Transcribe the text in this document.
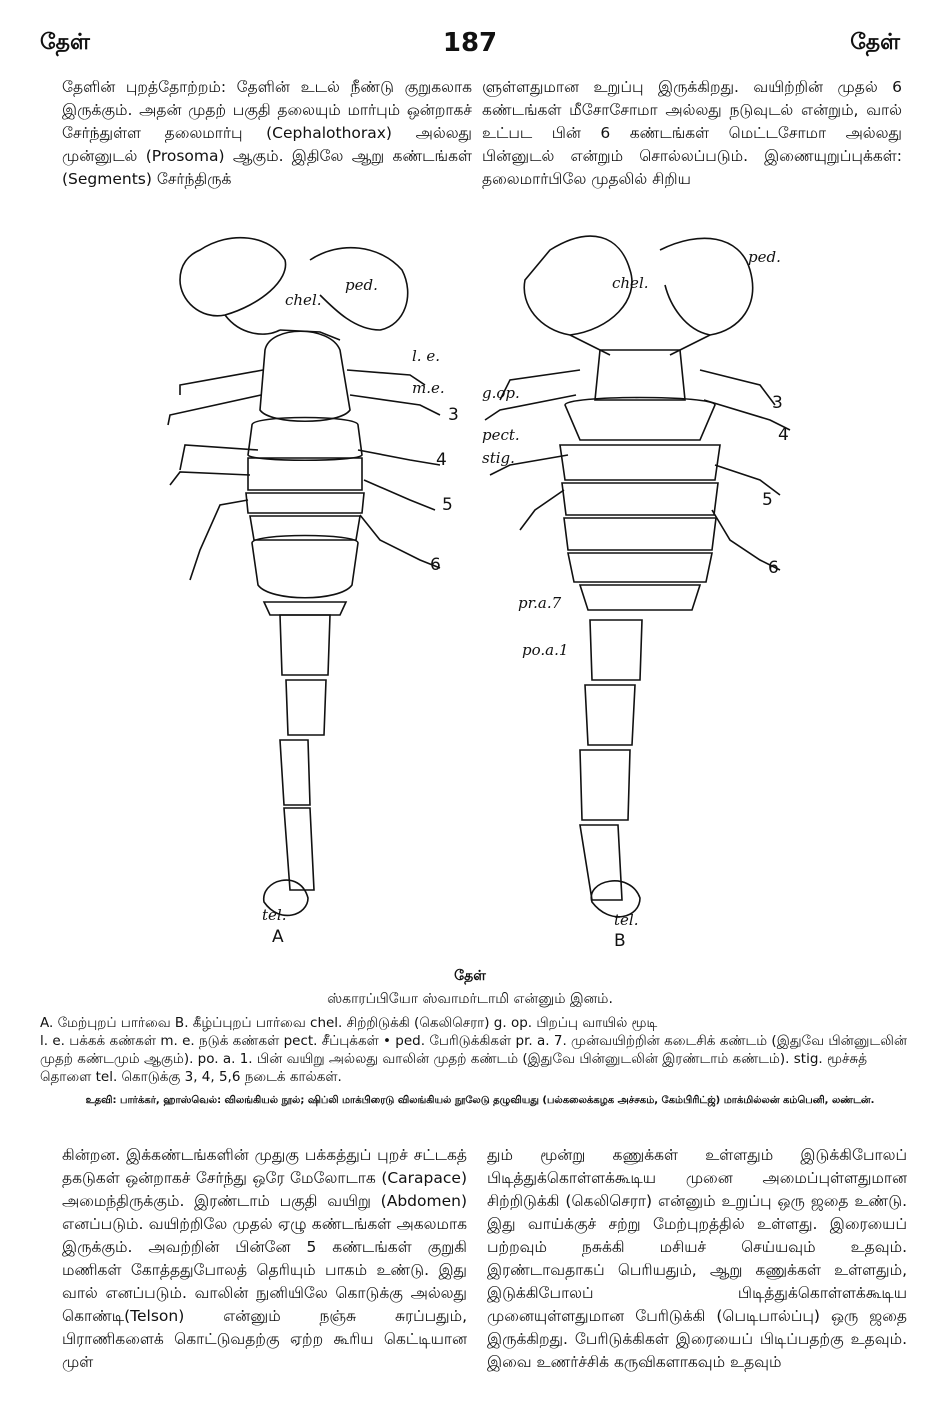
தேள்	187	தேள்

தேளின் புறத்தோற்றம்: தேளின் உடல் நீண்டு குறுகலாக இருக்கும். அதன் முதற் பகுதி தலையும் மார்பும் ஒன்றாகச் சேர்ந்துள்ள தலைமார்பு (Cephalothorax) அல்லது முன்னுடல் (Prosoma) ஆகும். இதிலே ஆறு கண்டங்கள் (Segments) சேர்ந்திருக்

ளுள்ளதுமான உறுப்பு இருக்கிறது. வயிற்றின் முதல் 6 கண்டங்கள் மீசோசோமா அல்லது நடுவுடல் என்றும், வால் உட்பட பின் 6 கண்டங்கள் மெட்டசோமா அல்லது பின்னுடல் என்றும் சொல்லப்படும். இணையுறுப்புக்கள்: தலைமார்பிலே முதலில் சிறிய

chel.
ped.
l. e.
m.e.
3
4
5
6
tel.
A
ped.
chel.
g.op.
pect.
stig.
3
4
5
6
pr.a.7
po.a.1
tel.
B
தேள்
ஸ்காரப்பியோ ஸ்வாமர்டாமி என்னும் இனம்.

A. மேற்புறப் பார்வை B. கீழ்ப்புறப் பார்வை chel. சிற்றிடுக்கி (கெலிசெரா) g. op. பிறப்பு வாயில் மூடி

l. e. பக்கக் கண்கள் m. e. நடுக் கண்கள் pect. சீப்புக்கள் • ped. பேரிடுக்கிகள் pr. a. 7. முன்வயிற்றின் கடைசிக் கண்டம் (இதுவே பின்னுடலின் முதற் கண்டமும் ஆகும்). po. a. 1. பின் வயிறு அல்லது வாலின் முதற் கண்டம் (இதுவே பின்னுடலின் இரண்டாம் கண்டம்). stig. மூச்சுத் தொளை tel. கொடுக்கு 3, 4, 5,6 நடைக் கால்கள்.

உதவி: பார்க்கர், ஹாஸ்வெல்: விலங்கியல் நூல்; ஷிப்லி மாக்பிரைடு விலங்கியல் நூலேடு தழுவியது (பல்கலைக்கழக அச்சகம், கேம்பிரிட்ஜ்) மாக்மில்லன் கம்பெனி, லண்டன்.

கின்றன. இக்கண்டங்களின் முதுகு பக்கத்துப் புறச் சட்டகத் தகடுகள் ஒன்றாகச் சேர்ந்து ஒரே மேலோடாக (Carapace) அமைந்திருக்கும். இரண்டாம் பகுதி வயிறு (Abdomen) எனப்படும். வயிற்றிலே முதல் ஏழு கண்டங்கள் அகலமாக இருக்கும். அவற்றின் பின்னே 5 கண்டங்கள் குறுகி மணிகள் கோத்ததுபோலத் தெரியும் பாகம் உண்டு. இது வால் எனப்படும். வாலின் நுனியிலே கொடுக்கு அல்லது கொண்டி(Telson) என்னும் நஞ்சு சுரப்பதும், பிராணிகளைக் கொட்டுவதற்கு ஏற்ற கூரிய கெட்டியான முள்

தும் மூன்று கணுக்கள் உள்ளதும் இடுக்கிபோலப் பிடித்துக்கொள்ளக்கூடிய முனை அமைப்புள்ளதுமான சிற்றிடுக்கி (கெலிசெரா) என்னும் உறுப்பு ஒரு ஜதை உண்டு. இது வாய்க்குச் சற்று மேற்புறத்தில் உள்ளது. இரையைப் பற்றவும் நசுக்கி மசியச் செய்யவும் உதவும். இரண்டாவதாகப் பெரியதும், ஆறு கணுக்கள் உள்ளதும், இடுக்கிபோலப் பிடித்துக்கொள்ளக்கூடிய முனையுள்ளதுமான பேரிடுக்கி (பெடிபால்ப்பு) ஒரு ஜதை இருக்கிறது. பேரிடுக்கிகள் இரையைப் பிடிப்பதற்கு உதவும். இவை உணர்ச்சிக் கருவிகளாகவும் உதவும்
